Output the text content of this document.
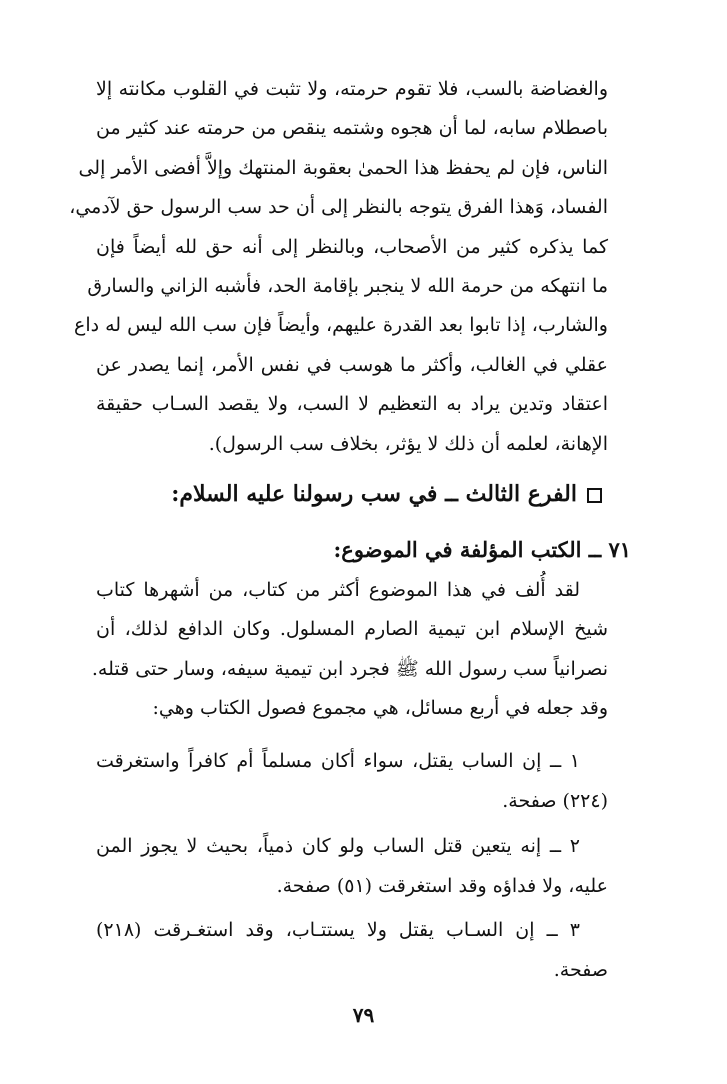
والغضاضة بالسب، فلا تقوم حرمته، ولا تثبت في القلوب مكانته إلا
باصطلام سابه، لما أن هجوه وشتمه ينقص من حرمته عند كثير من
الناس، فإن لم يحفظ هذا الحمىٰ بعقوبة المنتهك وإلاَّ أفضى الأمر إلى
الفساد، وَهذا الفرق يتوجه بالنظر إلى أن حد سب الرسول حق لآدمي،
كما يذكره كثير من الأصحاب، وبالنظر إلى أنه حق لله أيضاً فإن
ما انتهكه من حرمة الله لا ينجبر بإقامة الحد، فأشبه الزاني والسارق
والشارب، إذا تابوا بعد القدرة عليهم، وأيضاً فإن سب الله ليس له داع
عقلي في الغالب، وأكثر ما هوسب في نفس الأمر، إنما يصدر عن
اعتقاد وتدين يراد به التعظيم لا السب، ولا يقصد السـاب حقيقة
الإهانة، لعلمه أن ذلك لا يؤثر، بخلاف سب الرسول).
الفرع الثالث ــ في سب رسولنا عليه السلام:
٧١ ــ الكتب المؤلفة في الموضوع:
لقد أُلف في هذا الموضوع أكثر من كتاب، من أشهرها كتاب
شيخ الإسلام ابن تيمية الصارم المسلول. وكان الدافع لذلك، أن
نصرانياً سب رسول الله ﷺ فجرد ابن تيمية سيفه، وسار حتى قتله.
وقد جعله في أربع مسائل، هي مجموع فصول الكتاب وهي:
١ ــ إن الساب يقتل، سواء أكان مسلماً أم كافراً واستغرقت
(٢٢٤) صفحة.
٢ ــ إنه يتعين قتل الساب ولو كان ذمياً، بحيث لا يجوز المن
عليه، ولا فداؤه وقد استغرقت (٥١) صفحة.
٣ ــ إن السـاب يقتل ولا يستتـاب، وقد استغـرقت (٢١٨)
صفحة.
٧٩
